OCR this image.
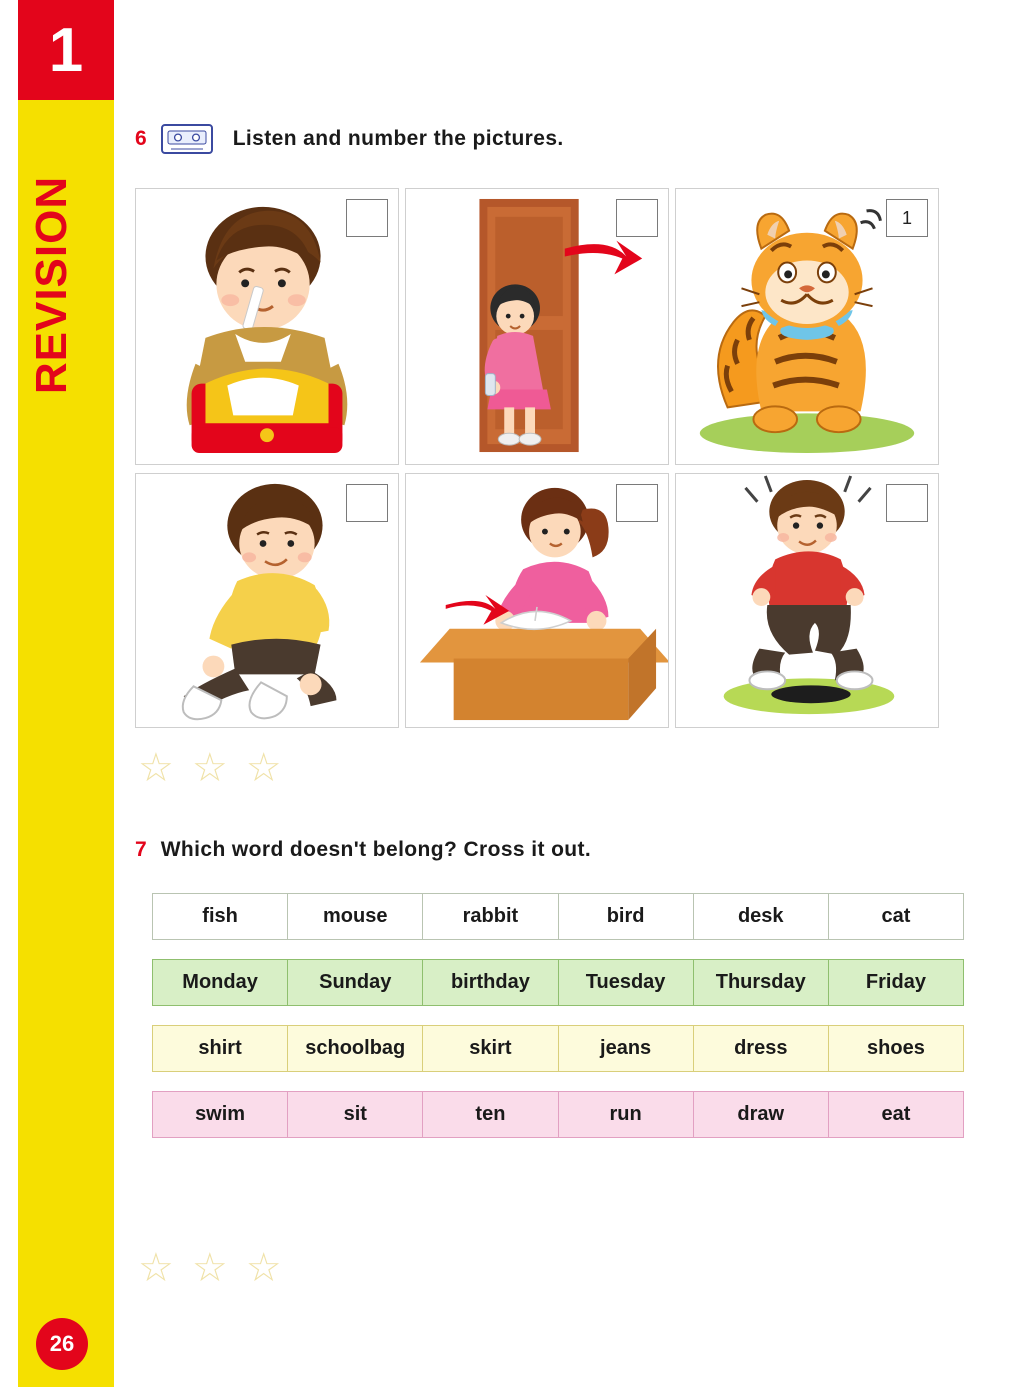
1
REVISION
26
6	Listen and number the pictures.
1
☆ ☆ ☆
7 Which word doesn't belong? Cross it out.
fish	mouse	rabbit	bird	desk	cat
Monday	Sunday	birthday	Tuesday	Thursday	Friday
shirt	schoolbag	skirt	jeans	dress	shoes
swim	sit	ten	run	draw	eat
☆ ☆ ☆
